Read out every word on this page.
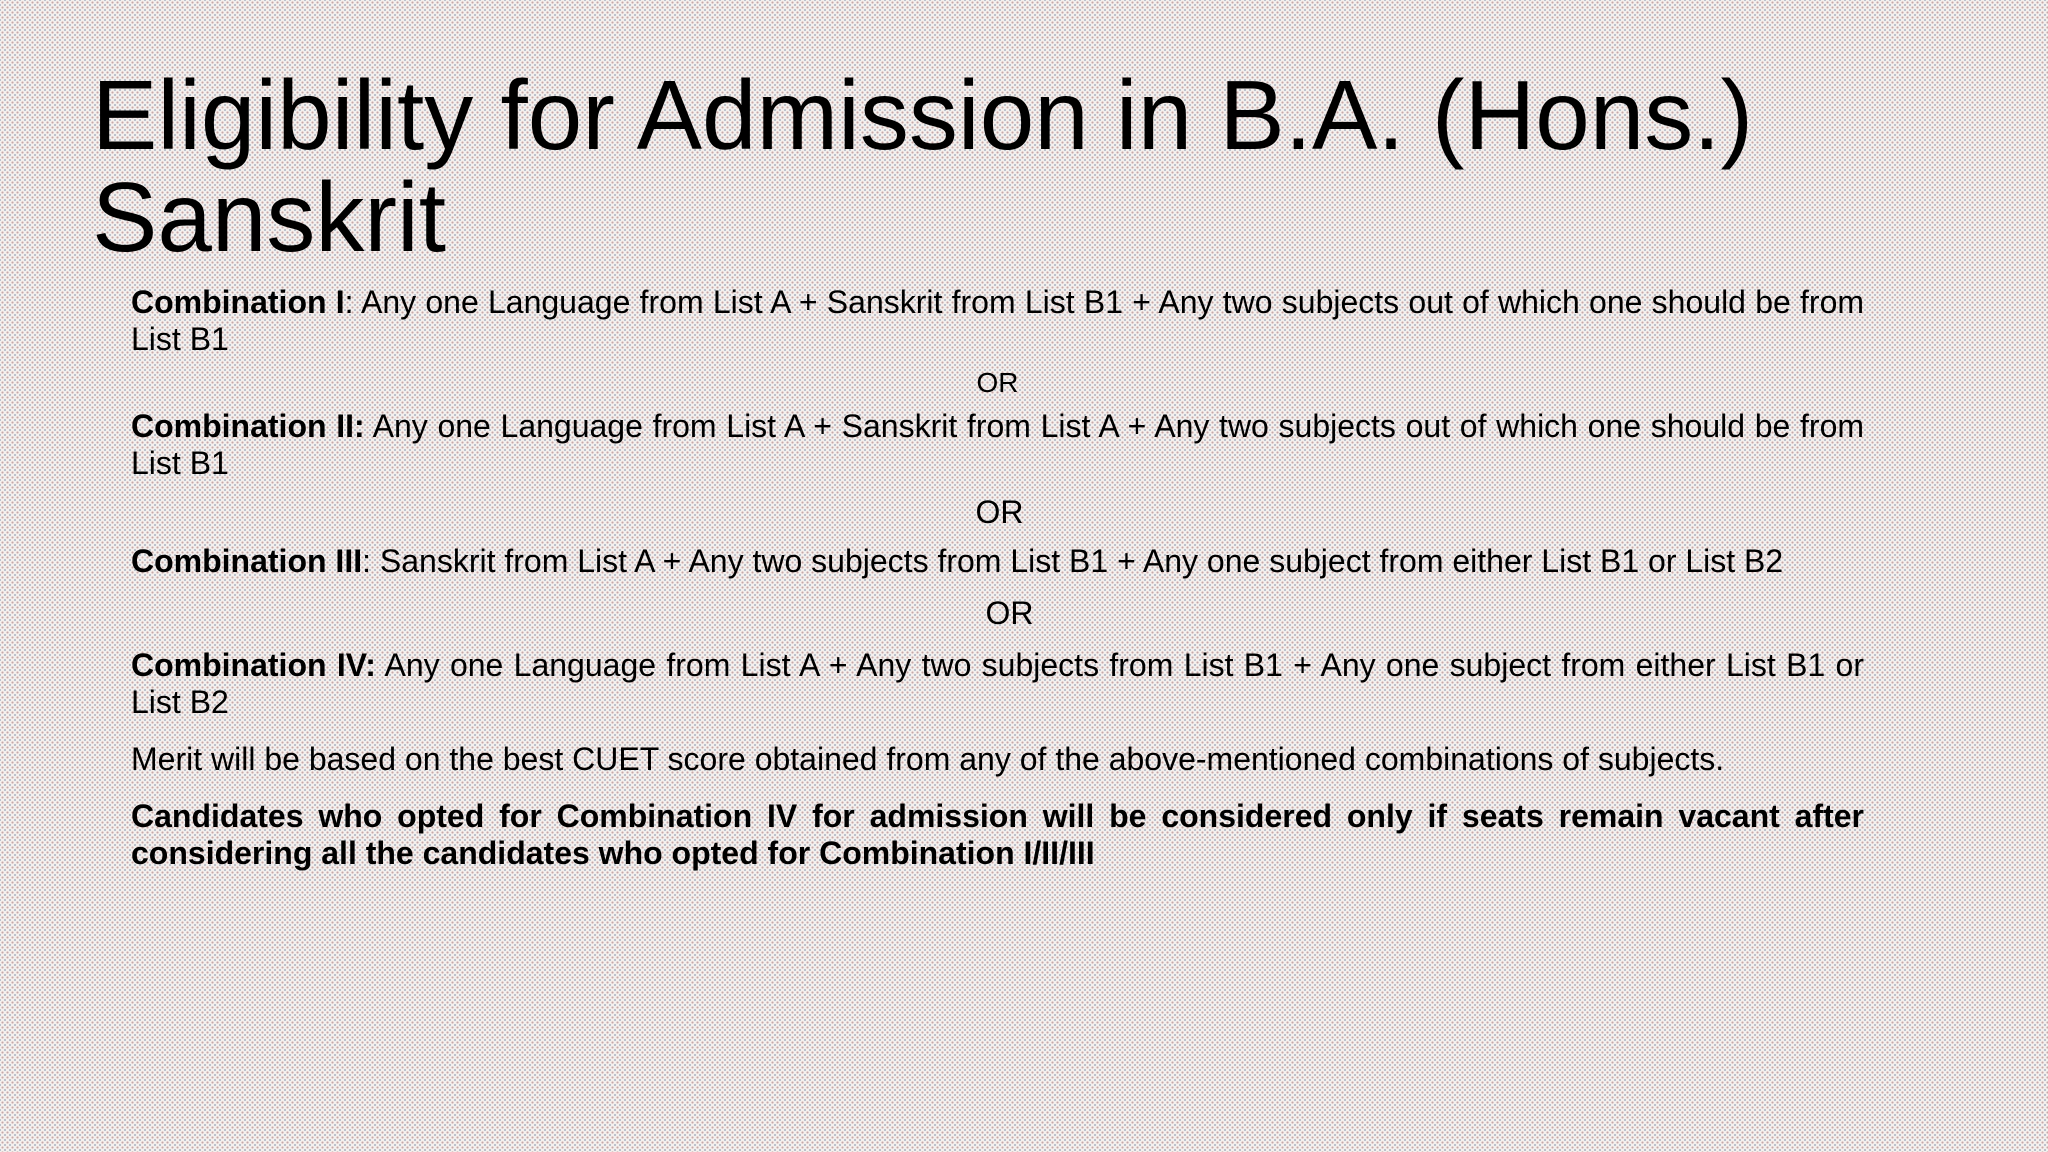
Eligibility for Admission in B.A. (Hons.) Sanskrit

Combination I: Any one Language from List A + Sanskrit from List B1 + Any two subjects out of which one should be from List B1

OR

Combination II: Any one Language from List A + Sanskrit from List A + Any two subjects out of which one should be from List B1

OR

Combination III: Sanskrit from List A + Any two subjects from List B1 + Any one subject from either List B1 or List B2

OR

Combination IV: Any one Language from List A + Any two subjects from List B1 + Any one subject from either List B1 or List B2

Merit will be based on the best CUET score obtained from any of the above-mentioned combinations of subjects.

Candidates who opted for Combination IV for admission will be considered only if seats remain vacant after considering all the candidates who opted for Combination I/II/III
